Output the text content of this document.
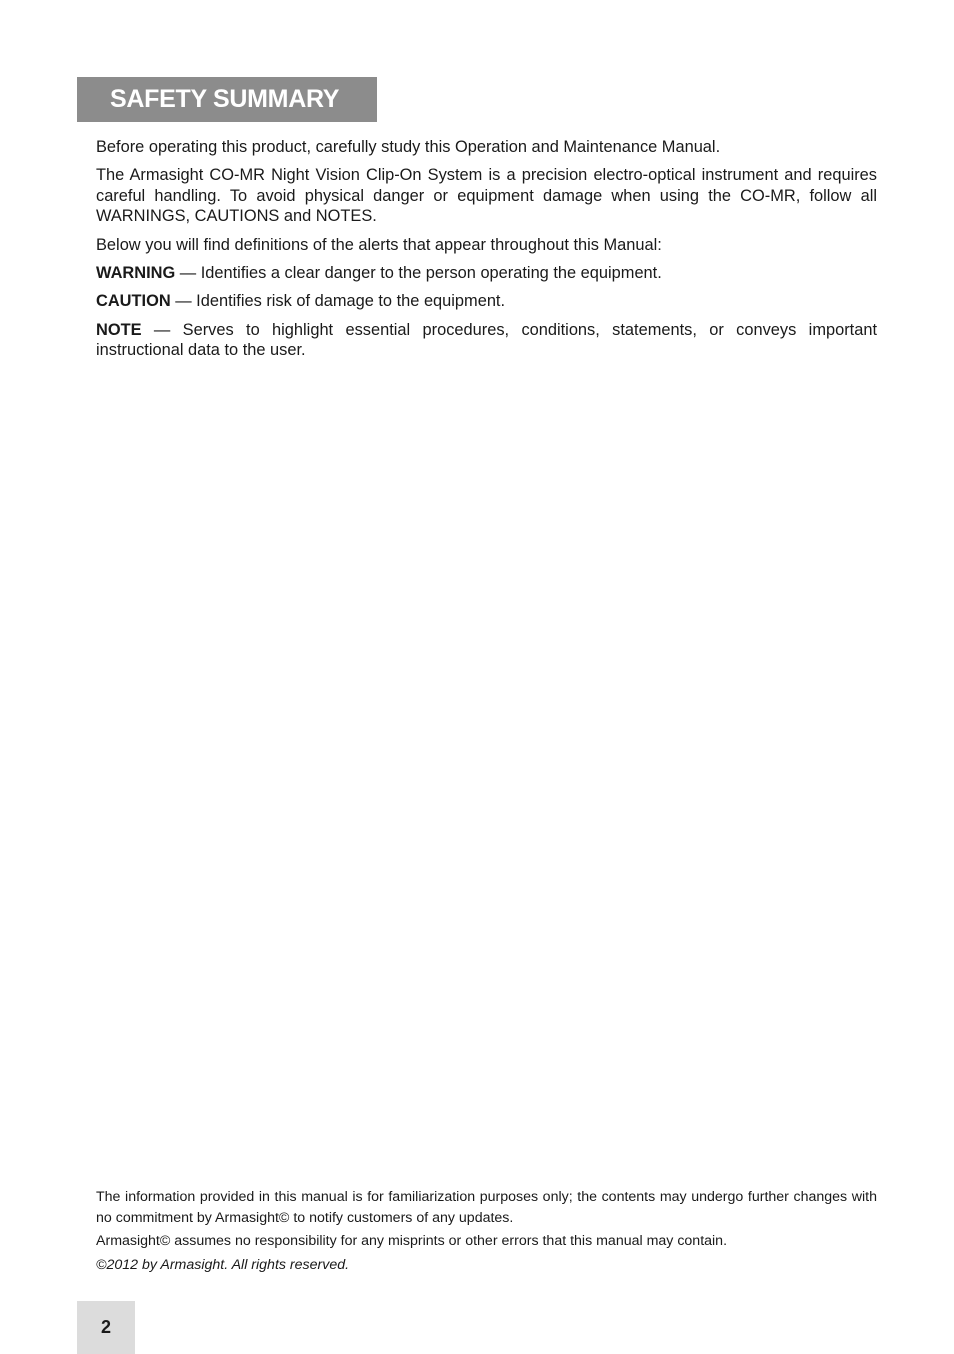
SAFETY SUMMARY

Before operating this product, carefully study this Operation and Maintenance Manual.

The Armasight CO-MR Night Vision Clip-On System is a precision electro-optical instrument and requires careful handling. To avoid physical danger or equipment damage when using the CO-MR, follow all WARNINGS, CAUTIONS and NOTES.

Below you will find definitions of the alerts that appear throughout this Manual:

WARNING — Identifies a clear danger to the person operating the equipment.

CAUTION — Identifies risk of damage to the equipment.

NOTE — Serves to highlight essential procedures, conditions, statements, or conveys important instructional data to the user.

The information provided in this manual is for familiarization purposes only; the contents may undergo further changes with no commitment by Armasight© to notify customers of any updates.

Armasight© assumes no responsibility for any misprints or other errors that this manual may contain.

©2012 by Armasight. All rights reserved.

2
